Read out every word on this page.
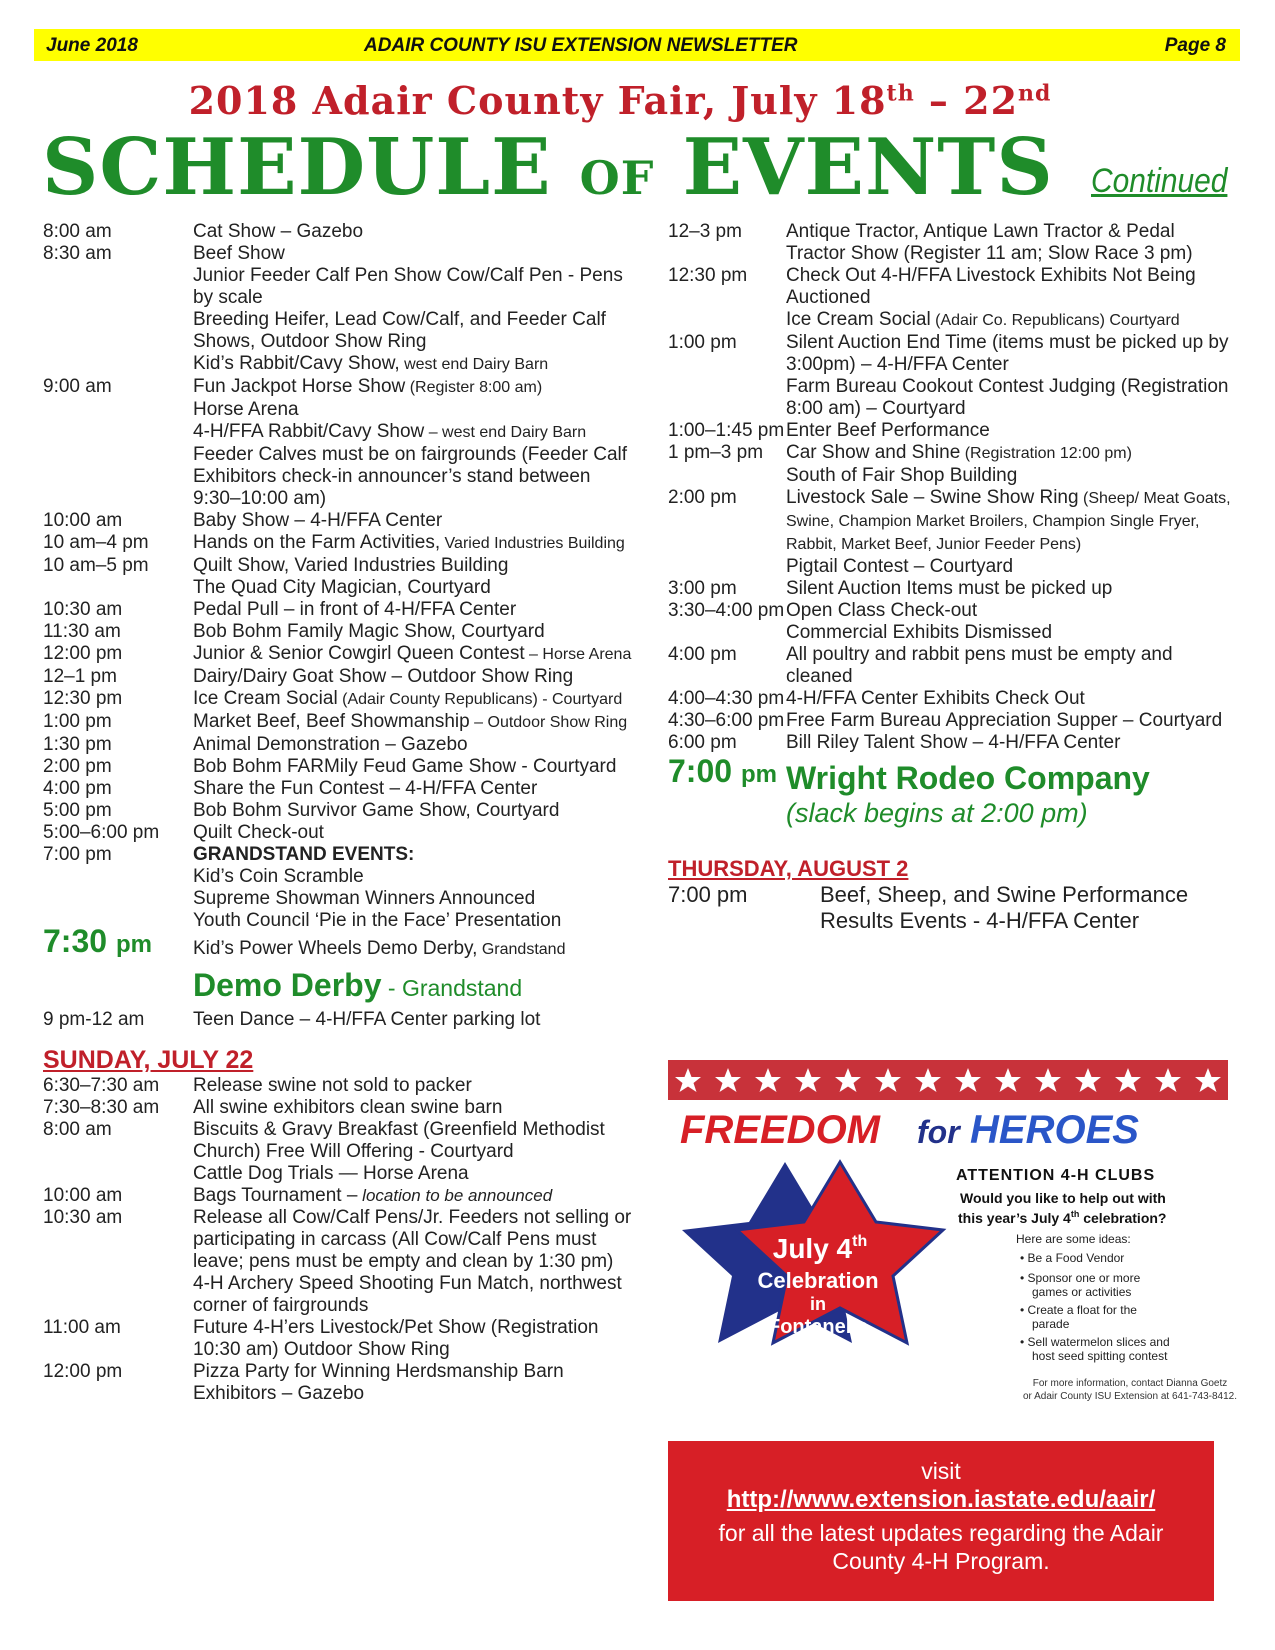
June 2018	ADAIR COUNTY ISU EXTENSION NEWSLETTER	Page 8
2018 Adair County Fair, July 18th – 22nd
SCHEDULE OF EVENTS Continued
8:00 am	Cat Show – Gazebo
8:30 am	Beef Show
Junior Feeder Calf Pen Show Cow/Calf Pen - Pens by scale
Breeding Heifer, Lead Cow/Calf, and Feeder Calf Shows, Outdoor Show Ring
Kid’s Rabbit/Cavy Show, west end Dairy Barn
9:00 am	Fun Jackpot Horse Show (Register 8:00 am)
Horse Arena
4-H/FFA Rabbit/Cavy Show – west end Dairy Barn
Feeder Calves must be on fairgrounds (Feeder Calf Exhibitors check-in announcer’s stand between 9:30–10:00 am)
10:00 am	Baby Show – 4-H/FFA Center
10 am–4 pm Hands on the Farm Activities, Varied Industries Building
10 am–5 pm Quilt Show, Varied Industries Building
The Quad City Magician, Courtyard
10:30 am	Pedal Pull – in front of 4-H/FFA Center
11:30 am	Bob Bohm Family Magic Show, Courtyard
12:00 pm	Junior & Senior Cowgirl Queen Contest – Horse Arena
12–1 pm	Dairy/Dairy Goat Show – Outdoor Show Ring
12:30 pm	Ice Cream Social (Adair County Republicans) - Courtyard
1:00 pm	Market Beef, Beef Showmanship – Outdoor Show Ring
1:30 pm	Animal Demonstration – Gazebo
2:00 pm	Bob Bohm FARMily Feud Game Show - Courtyard
4:00 pm	Share the Fun Contest – 4-H/FFA Center
5:00 pm	Bob Bohm Survivor Game Show, Courtyard
5:00–6:00 pm Quilt Check-out
7:00 pm	GRANDSTAND EVENTS:
Kid’s Coin Scramble
Supreme Showman Winners Announced
Youth Council ‘Pie in the Face’ Presentation
7:30 pm Kid’s Power Wheels Demo Derby, Grandstand
Demo Derby - Grandstand
9 pm-12 am	Teen Dance – 4-H/FFA Center parking lot
SUNDAY, JULY 22
6:30–7:30 am Release swine not sold to packer
7:30–8:30 am All swine exhibitors clean swine barn
8:00 am	Biscuits & Gravy Breakfast (Greenfield Methodist Church) Free Will Offering - Courtyard
Cattle Dog Trials — Horse Arena
10:00 am	Bags Tournament – location to be announced
10:30 am	Release all Cow/Calf Pens/Jr. Feeders not selling or participating in carcass (All Cow/Calf Pens must leave; pens must be empty and clean by 1:30 pm)
4-H Archery Speed Shooting Fun Match, northwest corner of fairgrounds
11:00 am	Future 4-H’ers Livestock/Pet Show (Registration 10:30 am) Outdoor Show Ring
12:00 pm	Pizza Party for Winning Herdsmanship Barn Exhibitors – Gazebo
12–3 pm Antique Tractor, Antique Lawn Tractor & Pedal Tractor Show (Register 11 am; Slow Race 3 pm)
12:30 pm Check Out 4-H/FFA Livestock Exhibits Not Being Auctioned
Ice Cream Social (Adair Co. Republicans) Courtyard
1:00 pm	Silent Auction End Time (items must be picked up by 3:00pm) – 4-H/FFA Center
Farm Bureau Cookout Contest Judging (Registration 8:00 am) – Courtyard
1:00–1:45 pm Enter Beef Performance
1 pm–3 pm Car Show and Shine (Registration 12:00 pm)
South of Fair Shop Building
2:00 pm	Livestock Sale – Swine Show Ring (Sheep/ Meat Goats, Swine, Champion Market Broilers, Champion Single Fryer, Rabbit, Market Beef, Junior Feeder Pens)
Pigtail Contest – Courtyard
3:00 pm	Silent Auction Items must be picked up
3:30–4:00 pm Open Class Check-out
Commercial Exhibits Dismissed
4:00 pm	All poultry and rabbit pens must be empty and cleaned
4:00–4:30 pm 4-H/FFA Center Exhibits Check Out
4:30–6:00 pm Free Farm Bureau Appreciation Supper – Courtyard
6:00 pm	Bill Riley Talent Show – 4-H/FFA Center
7:00 pm Wright Rodeo Company
(slack begins at 2:00 pm)
THURSDAY, AUGUST 2
7:00 pm	Beef, Sheep, and Swine Performance Results Events - 4-H/FFA Center
FREEDOM for HEROES
July 4th
Celebration
in
Fontanelle
ATTENTION 4-H CLUBS
Would you like to help out with
this year’s July 4th celebration?
Here are some ideas:
• Be a Food Vendor
• Sponsor one or more
games or activities
• Create a float for the
parade
• Sell watermelon slices and
host seed spitting contest
For more information, contact Dianna Goetz
or Adair County ISU Extension at 641-743-8412.
visit
http://www.extension.iastate.edu/aair/
for all the latest updates regarding the Adair County 4-H Program.
